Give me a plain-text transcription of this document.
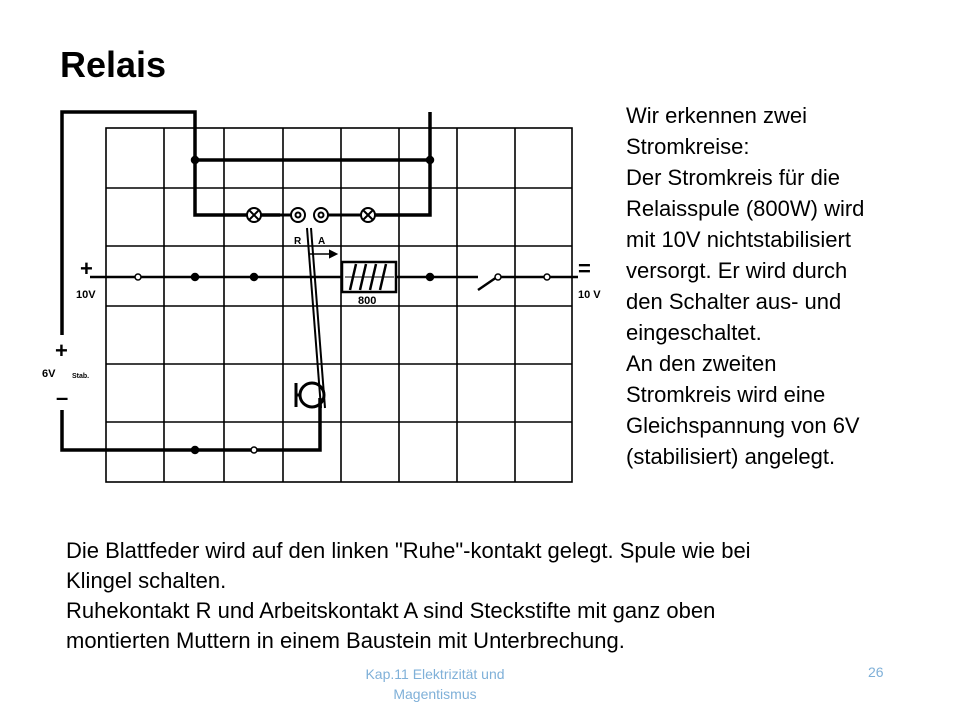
Relais
+
10V
=
10 V
+
6V Stab.
–
R A
800
Wir erkennen zwei
Stromkreise:
Der Stromkreis für die
Relaisspule (800W) wird
mit 10V nichtstabilisiert
versorgt. Er wird durch
den Schalter aus- und
eingeschaltet.
An den zweiten
Stromkreis wird eine
Gleichspannung von 6V
(stabilisiert) angelegt.
Die Blattfeder wird auf den linken "Ruhe"-kontakt gelegt. Spule wie bei
Klingel schalten.
Ruhekontakt R und Arbeitskontakt A sind Steckstifte mit ganz oben
montierten Muttern in einem Baustein mit Unterbrechung.
Kap.11 Elektrizität und
Magentismus
26
